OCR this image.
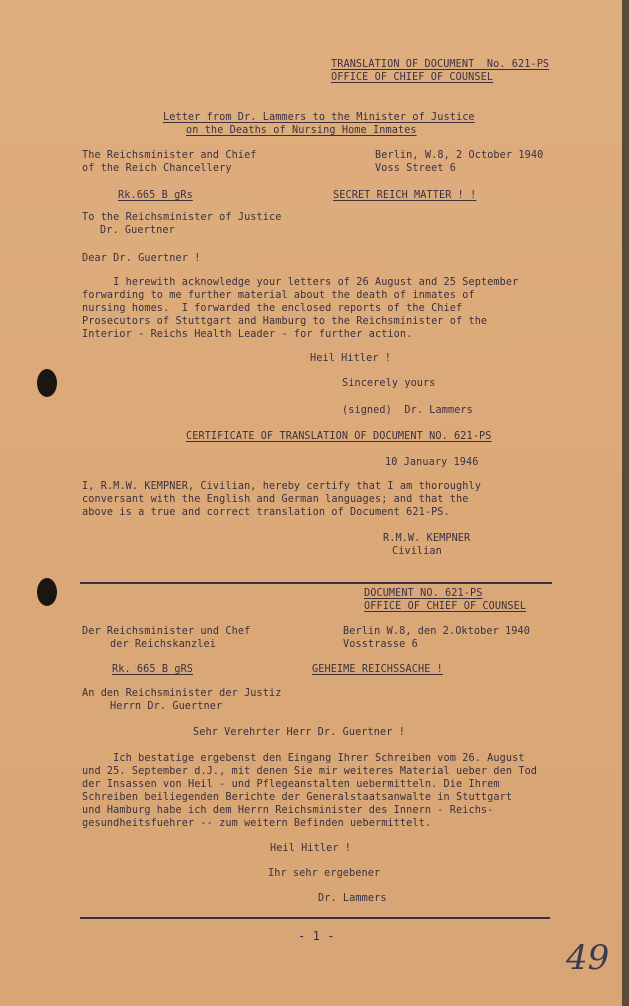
TRANSLATION OF DOCUMENT  No. 621-PS
OFFICE OF CHIEF OF COUNSEL
Letter from Dr. Lammers to the Minister of Justice
on the Deaths of Nursing Home Inmates
The Reichsminister and Chief
of the Reich Chancellery
Berlin, W.8, 2 October 1940
Voss Street 6
Rk.665 B gRs	SECRET REICH MATTER ! !
To the Reichsminister of Justice
Dr. Guertner
Dear Dr. Guertner !
I herewith acknowledge your letters of 26 August and 25 September
forwarding to me further material about the death of inmates of
nursing homes.  I forwarded the enclosed reports of the Chief
Prosecutors of Stuttgart and Hamburg to the Reichsminister of the
Interior - Reichs Health Leader - for further action.
Heil Hitler !
Sincerely yours
(signed)  Dr. Lammers
CERTIFICATE OF TRANSLATION OF DOCUMENT NO. 621-PS
10 January 1946
I, R.M.W. KEMPNER, Civilian, hereby certify that I am thoroughly
conversant with the English and German languages; and that the
above is a true and correct translation of Document 621-PS.
R.M.W. KEMPNER
Civilian
DOCUMENT NO. 621-PS
OFFICE OF CHIEF OF COUNSEL
Der Reichsminister und Chef
der Reichskanzlei
Berlin W.8, den 2.Oktober 1940
Vosstrasse 6
Rk. 665 B gRS	GEHEIME REICHSSACHE !
An den Reichsminister der Justiz
Herrn Dr. Guertner
Sehr Verehrter Herr Dr. Guertner !
Ich bestatige ergebenst den Eingang Ihrer Schreiben vom 26. August
und 25. September d.J., mit denen Sie mir weiteres Material ueber den Tod
der Insassen von Heil - und Pflegeanstalten uebermitteln. Die Ihrem
Schreiben beiliegenden Berichte der Generalstaatsanwalte in Stuttgart
und Hamburg habe ich dem Herrn Reichsminister des Innern - Reichs-
gesundheitsfuehrer -- zum weitern Befinden uebermittelt.
Heil Hitler !
Ihr sehr ergebener
Dr. Lammers
- 1 -
49
